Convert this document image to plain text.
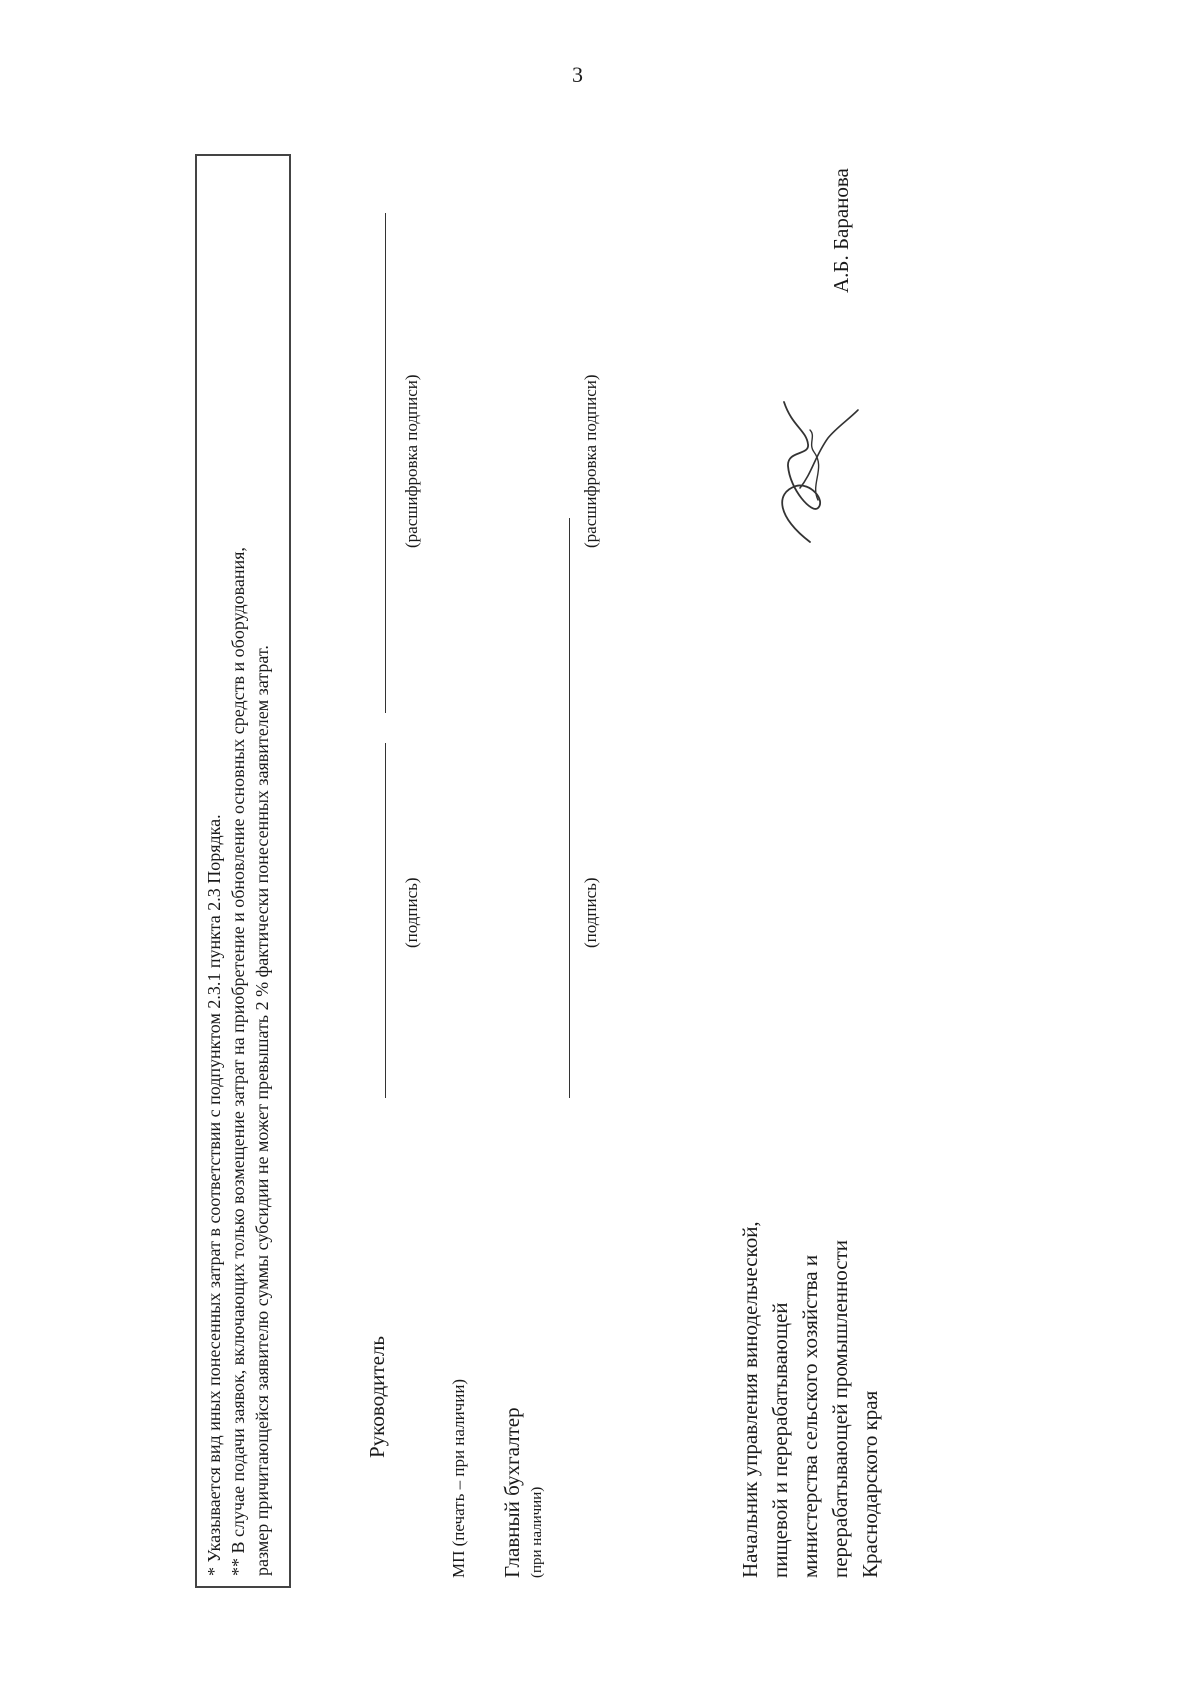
3
* Указывается вид иных понесенных затрат в соответствии с подпунктом 2.3.1 пункта 2.3 Порядка. ** В случае подачи заявок, включающих только возмещение затрат на приобретение и обновление основных средств и оборудования, размер причитающейся заявителю суммы субсидии не может превышать 2 % фактически понесенных заявителем затрат.	Руководитель
(подпись)
(расшифровка подписи)
МП (печать – при наличии) Главный бухгалтер (при наличии)
(подпись)
(расшифровка подписи)
Начальник управления винодельческой, пищевой и перерабатывающей министерства сельского хозяйства и перерабатывающей промышленности Краснодарского края
А.Б. Баранова
